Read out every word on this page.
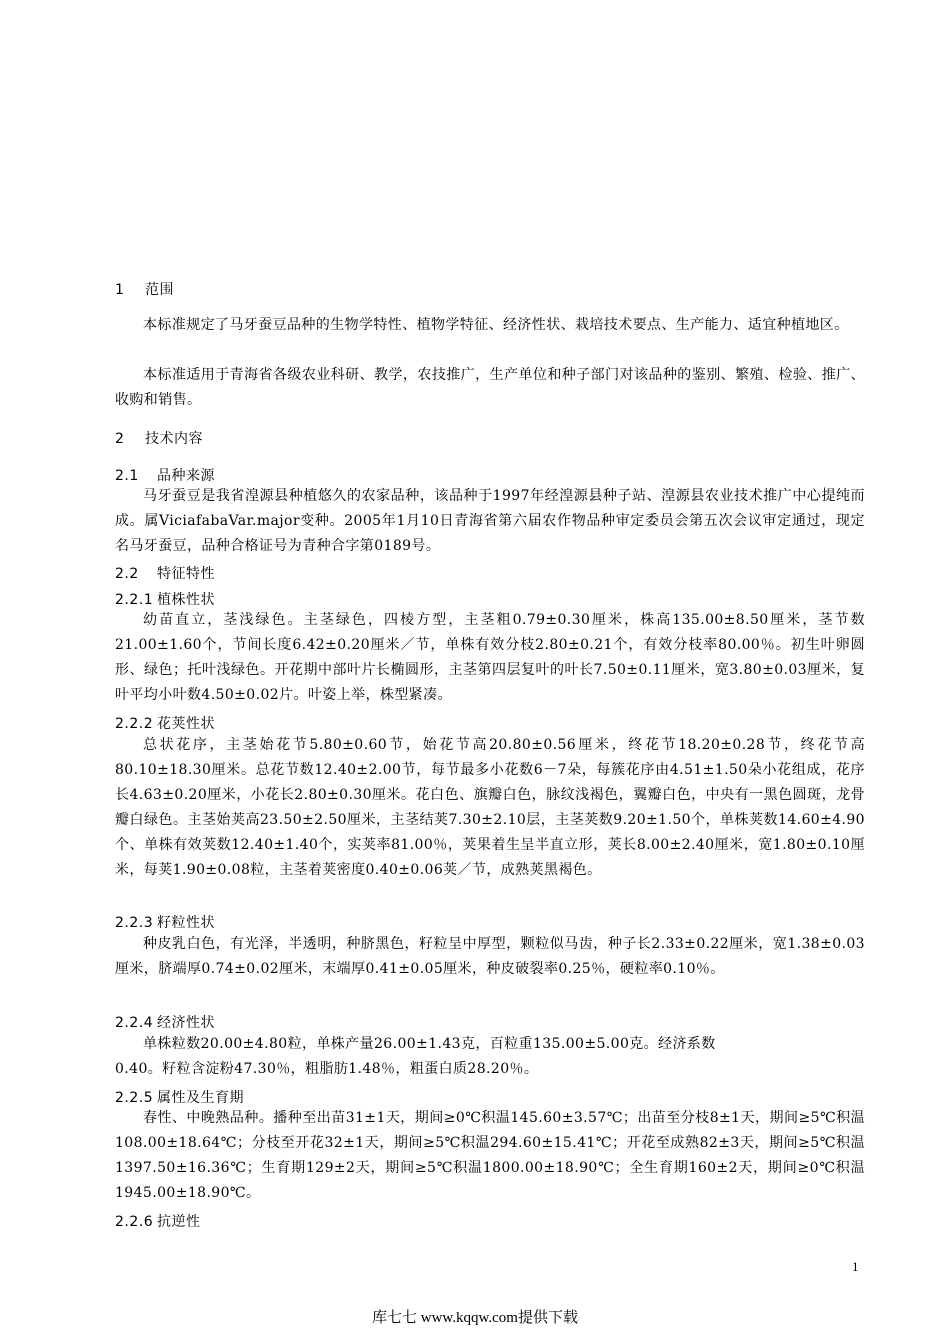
1 范围
本标准规定了马牙蚕豆品种的生物学特性、植物学特征、经济性状、栽培技术要点、生产能力、适宜种植地区。
本标准适用于青海省各级农业科研、教学，农技推广，生产单位和种子部门对该品种的鉴别、繁殖、检验、推广、收购和销售。
2 技术内容
2.1 品种来源
马牙蚕豆是我省湟源县种植悠久的农家品种，该品种于1997年经湟源县种子站、湟源县农业技术推广中心提纯而成。属ViciafabaVar.major变种。2005年1月10日青海省第六届农作物品种审定委员会第五次会议审定通过，现定名马牙蚕豆，品种合格证号为青种合字第0189号。
2.2 特征特性
2.2.1 植株性状
幼苗直立，茎浅绿色。主茎绿色，四棱方型，主茎粗0.79±0.30厘米，株高135.00±8.50厘米，茎节数21.00±1.60个，节间长度6.42±0.20厘米／节，单株有效分枝2.80±0.21个，有效分枝率80.00％。初生叶卵圆形、绿色；托叶浅绿色。开花期中部叶片长椭圆形，主茎第四层复叶的叶长7.50±0.11厘米，宽3.80±0.03厘米，复叶平均小叶数4.50±0.02片。叶姿上举，株型紧凑。
2.2.2 花荚性状
总状花序，主茎始花节5.80±0.60节，始花节高20.80±0.56厘米，终花节18.20±0.28节，终花节高80.10±18.30厘米。总花节数12.40±2.00节，每节最多小花数6－7朵，每簇花序由4.51±1.50朵小花组成，花序长4.63±0.20厘米，小花长2.80±0.30厘米。花白色、旗瓣白色，脉纹浅褐色，翼瓣白色，中央有一黑色圆斑，龙骨瓣白绿色。主茎始荚高23.50±2.50厘米，主茎结荚7.30±2.10层，主茎荚数9.20±1.50个，单株荚数14.60±4.90个、单株有效荚数12.40±1.40个，实荚率81.00％，荚果着生呈半直立形，荚长8.00±2.40厘米，宽1.80±0.10厘米，每荚1.90±0.08粒，主茎着荚密度0.40±0.06荚／节，成熟荚黑褐色。
2.2.3 籽粒性状
种皮乳白色，有光泽，半透明，种脐黑色，籽粒呈中厚型，颗粒似马齿，种子长2.33±0.22厘米，宽1.38±0.03厘米，脐端厚0.74±0.02厘米，末端厚0.41±0.05厘米，种皮破裂率0.25％，硬粒率0.10％。
2.2.4 经济性状
单株粒数20.00±4.80粒，单株产量26.00±1.43克，百粒重135.00±5.00克。经济系数
0.40。籽粒含淀粉47.30％，粗脂肪1.48％，粗蛋白质28.20％。
2.2.5 属性及生育期
春性、中晚熟品种。播种至出苗31±1天，期间≥0℃积温145.60±3.57℃；出苗至分枝8±1天，期间≥5℃积温108.00±18.64℃；分枝至开花32±1天，期间≥5℃积温294.60±15.41℃；开花至成熟82±3天，期间≥5℃积温1397.50±16.36℃；生育期129±2天，期间≥5℃积温1800.00±18.90℃；全生育期160±2天，期间≥0℃积温1945.00±18.90℃。
2.2.6 抗逆性
1
库七七 www.kqqw.com提供下载
